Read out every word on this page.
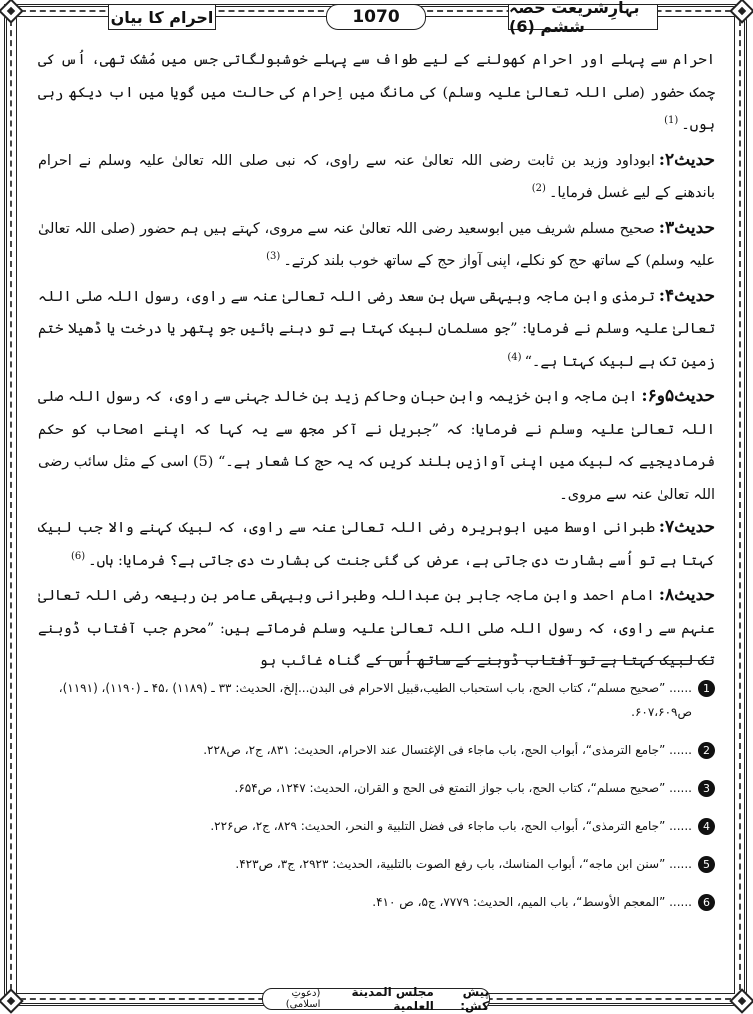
بہارِشریعت حصہ ششم (6)
1070
احرام کا بیان

احرام سے پہلے اور احرام کھولنے کے لیے طواف سے پہلے خوشبولگاتی جس میں مُشک تھی، اُس کی چمک حضور (صلی اللہ تعالیٰ علیہ وسلم) کی مانگ میں اِحرام کی حالت میں گویا میں اب دیکھ رہی ہوں۔$^{(1)}$

حدیث۲:ابوداود وزید بن ثابت رضی اللہ تعالیٰ عنہ سے راوی، کہ نبی صلی اللہ تعالیٰ علیہ وسلم نے احرام باندھنے کے لیے غسل فرمایا۔$^{(2)}$

حدیث۳:صحیح مسلم شریف میں ابوسعید رضی اللہ تعالیٰ عنہ سے مروی، کہتے ہیں ہم حضور (صلی اللہ تعالیٰ علیہ وسلم) کے ساتھ حج کو نکلے، اپنی آواز حج کے ساتھ خوب بلند کرتے۔$^{(3)}$

حدیث۴:ترمذی وابن ماجہ وبیہقی سہل بن سعد رضی اللہ تعالیٰ عنہ سے راوی، رسول اللہ صلی اللہ تعالیٰ علیہ وسلم نے فرمایا: ”جو مسلمان لبیک کہتا ہے تو دہنے بائیں جو پتھر یا درخت یا ڈھیلا ختم زمین تک ہے لبیک کہتا ہے۔“$^{(4)}$

حدیث۵و۶:ابن ماجہ وابن خزیمہ وابن حبان وحاکم زید بن خالد جہنی سے راوی، کہ رسول اللہ صلی اللہ تعالیٰ علیہ وسلم نے فرمایا: کہ ”جبریل نے آکر مجھ سے یہ کہا کہ اپنے اصحاب کو حکم فرمادیجیے کہ لبیک میں اپنی آوازیں بلند کریں کہ یہ حج کا شعار ہے۔“ (5) اسی کے مثل سائب رضی اللہ تعالیٰ عنہ سے مروی۔

حدیث۷:طبرانی اوسط میں ابوہریرہ رضی اللہ تعالیٰ عنہ سے راوی، کہ لبیک کہنے والا جب لبیک کہتا ہے تو اُسے بشارت دی جاتی ہے، عرض کی گئی جنت کی بشارت دی جاتی ہے؟ فرمایا: ہاں۔$^{(6)}$

حدیث۸:امام احمد وابن ماجہ جابر بن عبداللہ وطبرانی وبیہقی عامر بن ربیعہ رضی اللہ تعالیٰ عنہم سے راوی، کہ رسول اللہ صلی اللہ تعالیٰ علیہ وسلم فرماتے ہیں: ”محرم جب آفتاب ڈوبنے تک لبیک کہتا ہے تو آفتاب ڈوبنے کے ساتھ اُس کے گناہ غائب ہو

1
...... ”صحیح مسلم“، کتاب الحج، باب استحباب الطیب،قبیل الاحرام فی البدن...إلخ، الحدیث: ۳۳ ـ (۱۱۸۹) ،۴۵ ـ (۱۱۹۰)، (۱۱۹۱)، ص۶۰۷،۶۰۹.
2
...... ”جامع الترمذی“، أبواب الحج، باب ماجاء فی الإغتسال عند الاحرام، الحدیث: ۸۳۱، ج۲، ص۲۲۸.
3
...... ”صحیح مسلم“، کتاب الحج، باب جواز التمتع فی الحج و القران، الحدیث: ۱۲۴۷، ص۶۵۴.
4
...... ”جامع الترمذی“، أبواب الحج، باب ماجاء فی فضل التلبیة و النحر، الحدیث: ۸۲۹، ج۲، ص۲۲۶.
5
...... ”سنن ابن ماجه“، أبواب المناسك، باب رفع الصوت بالتلبیة، الحدیث: ۲۹۲۳، ج۳، ص۴۲۳.
6
...... ”المعجم الأوسط“، باب المیم، الحدیث: ۷۷۷۹، ج۵، ص ۴۱۰.
پیش کش:

مجلس المدینة العلمیة

(دعوتِ اسلامی)
